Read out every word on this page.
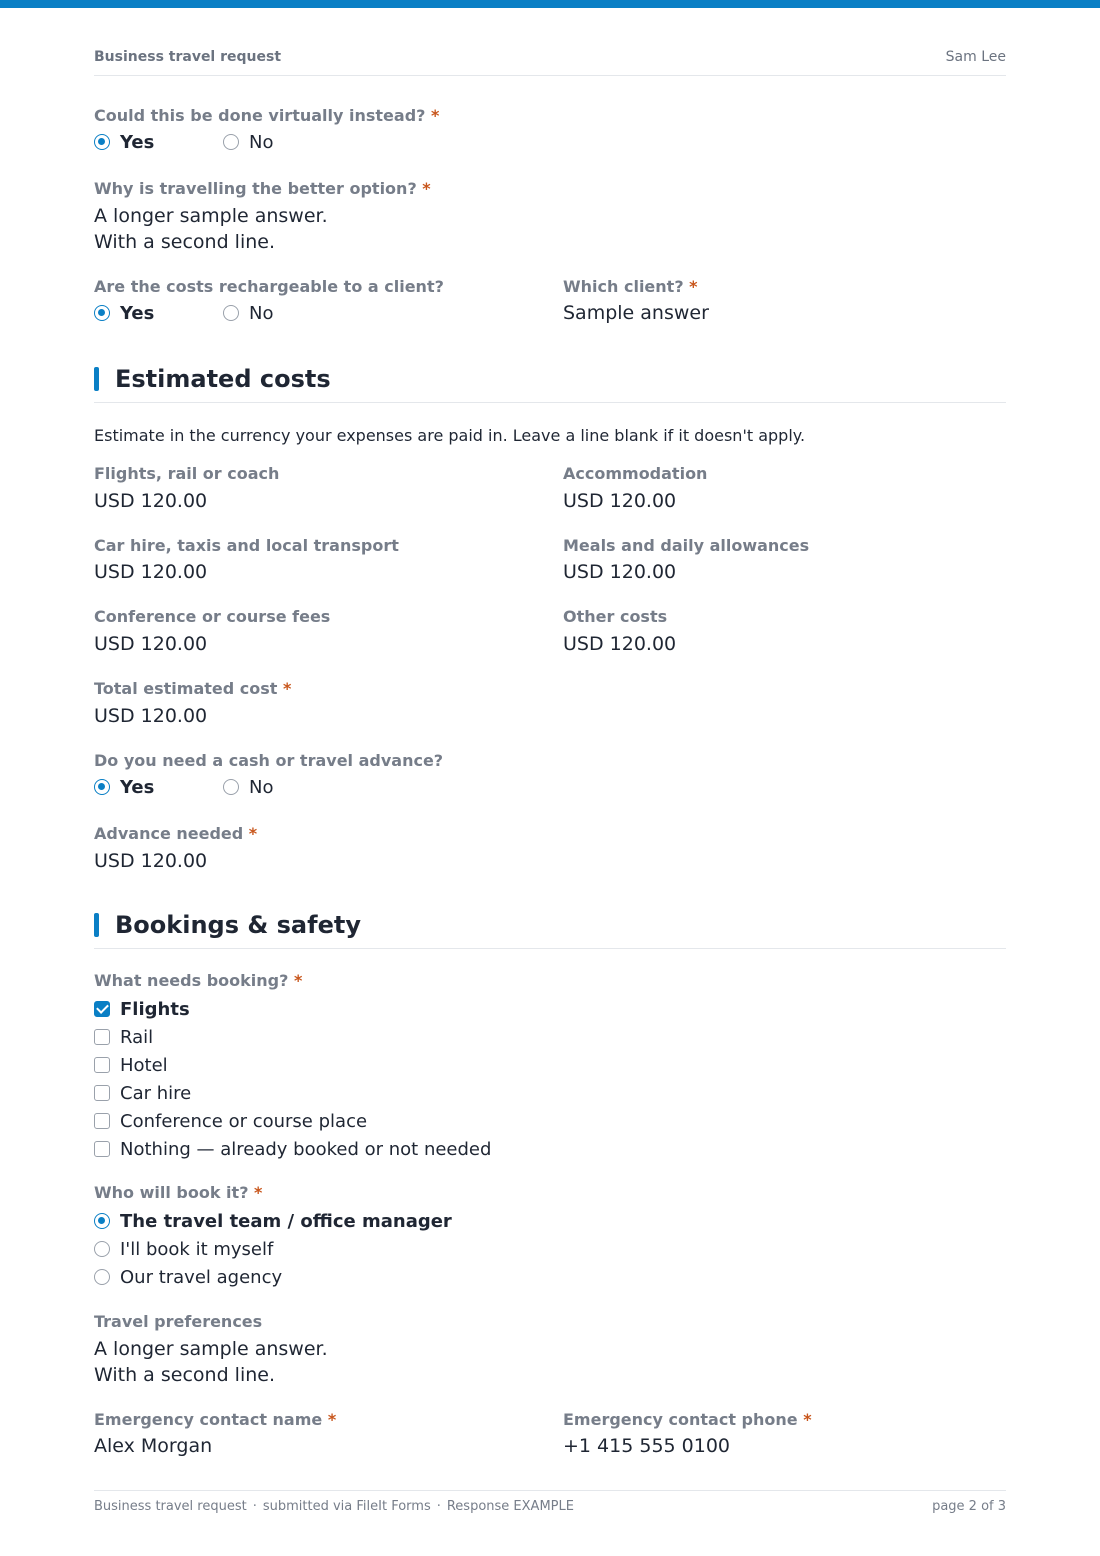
Business travel request	Sam Lee
Could this be done virtually instead? *
Yes	No
Why is travelling the better option? *
A longer sample answer.
With a second line.
Are the costs rechargeable to a client?
Yes	No
Which client? *
Sample answer
Estimated costs
Estimate in the currency your expenses are paid in. Leave a line blank if it doesn't apply.
Flights, rail or coach
USD 120.00
Accommodation
USD 120.00
Car hire, taxis and local transport
USD 120.00
Meals and daily allowances
USD 120.00
Conference or course fees
USD 120.00
Other costs
USD 120.00
Total estimated cost *
USD 120.00
Do you need a cash or travel advance?
Yes	No
Advance needed *
USD 120.00
Bookings & safety
What needs booking? *
Flights
Rail
Hotel
Car hire
Conference or course place
Nothing — already booked or not needed
Who will book it? *
The travel team / office manager
I'll book it myself
Our travel agency
Travel preferences
A longer sample answer.
With a second line.
Emergency contact name *
Alex Morgan
Emergency contact phone *
+1 415 555 0100
Business travel request · submitted via FileIt Forms · Response EXAMPLE	page 2 of 3
